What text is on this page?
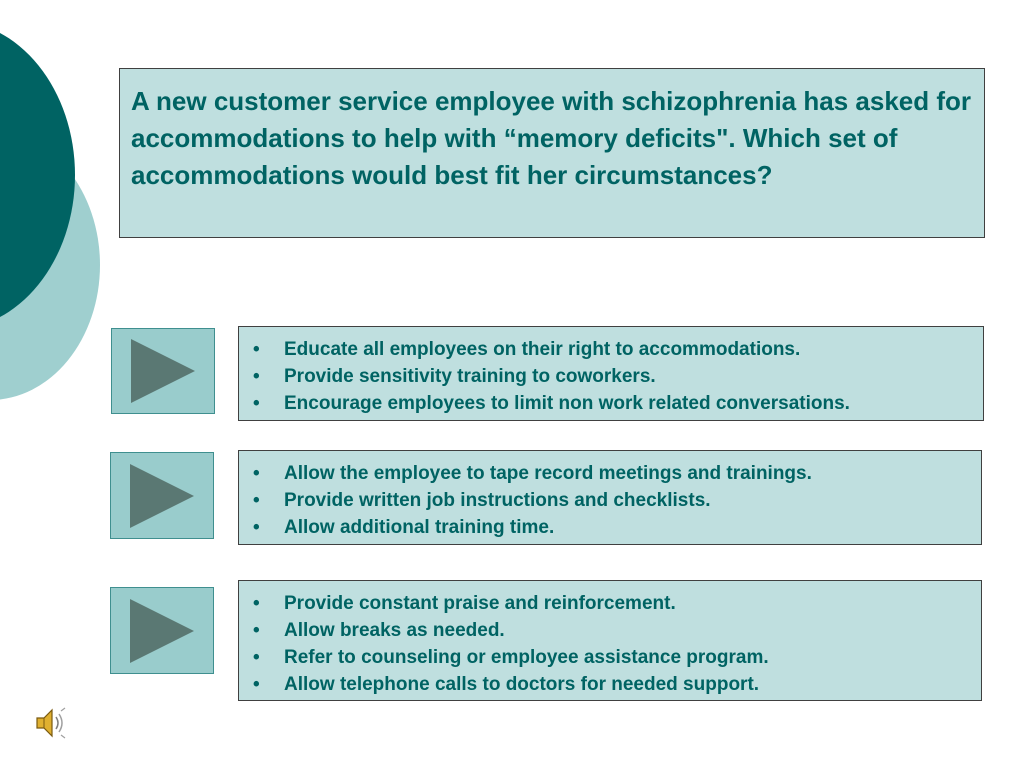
A new customer service employee with schizophrenia has asked for accommodations to help with “memory deficits". Which set of accommodations would best fit her circumstances?
• Educate all employees on their right to accommodations.
• Provide sensitivity training to coworkers.
• Encourage employees to limit non work related conversations.
• Allow the employee to tape record meetings and trainings.
• Provide written job instructions and checklists.
• Allow additional training time.
• Provide constant praise and reinforcement.
• Allow breaks as needed.
• Refer to counseling or employee assistance program.
• Allow telephone calls to doctors for needed support.
